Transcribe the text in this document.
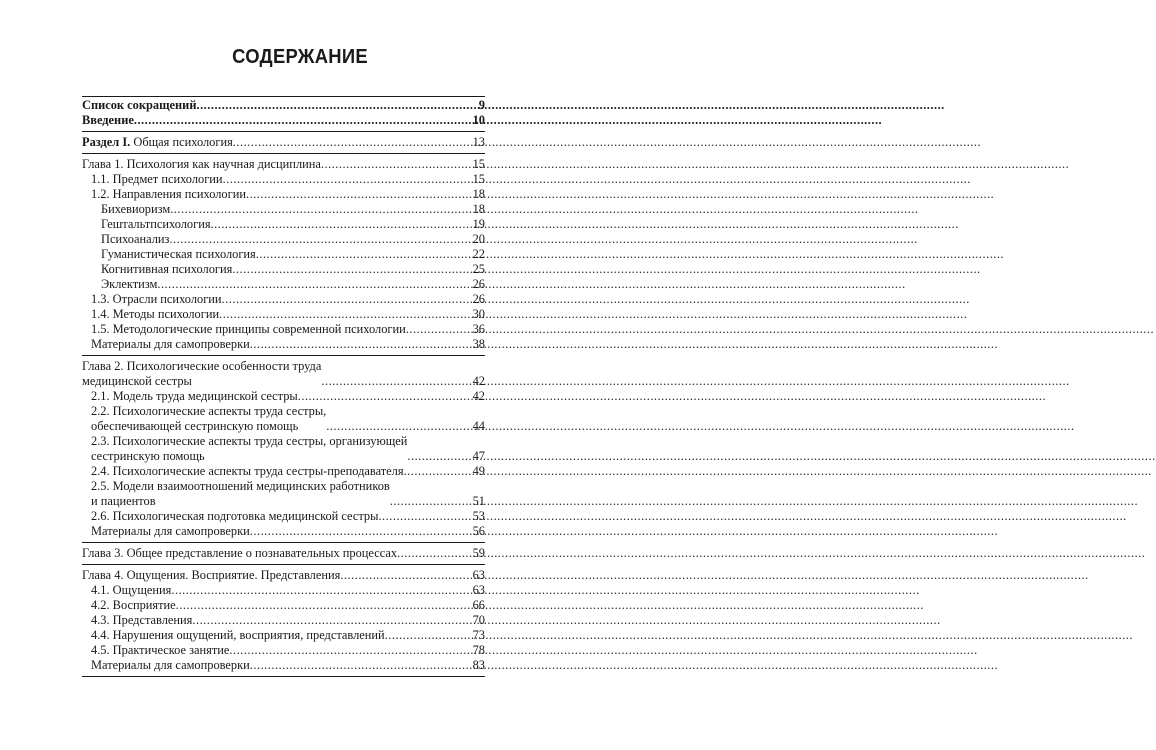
СОДЕРЖАНИЕ
Список сокращений .....	9
Введение .....	10
Раздел I. Общая психология .....	13
Глава 1. Психология как научная дисциплина .....	15
1.1. Предмет психологии .....	15
1.2. Направления психологии .....	18
Бихевиоризм .....	18
Гештальтпсихология .....	19
Психоанализ .....	20
Гуманистическая психология .....	22
Когнитивная психология .....	25
Эклектизм .....	26
1.3. Отрасли психологии .....	26
1.4. Методы психологии .....	30
1.5. Методологические принципы современной психологии .....	36
Материалы для самопроверки .....	38
Глава 2. Психологические особенности труда
медицинской сестры .....	42
2.1. Модель труда медицинской сестры .....	42
2.2. Психологические аспекты труда сестры,
обеспечивающей сестринскую помощь .....	44
2.3. Психологические аспекты труда сестры, организующей
сестринскую помощь .....	47
2.4. Психологические аспекты труда сестры-преподавателя .....	49
2.5. Модели взаимоотношений медицинских работников
и пациентов .....	51
2.6. Психологическая подготовка медицинской сестры .....	53
Материалы для самопроверки .....	56
Глава 3. Общее представление о познавательных процессах .....	59
Глава 4. Ощущения. Восприятие. Представления .....	63
4.1. Ощущения .....	63
4.2. Восприятие .....	66
4.3. Представления .....	70
4.4. Нарушения ощущений, восприятия, представлений .....	73
4.5. Практическое занятие .....	78
Материалы для самопроверки .....	83
